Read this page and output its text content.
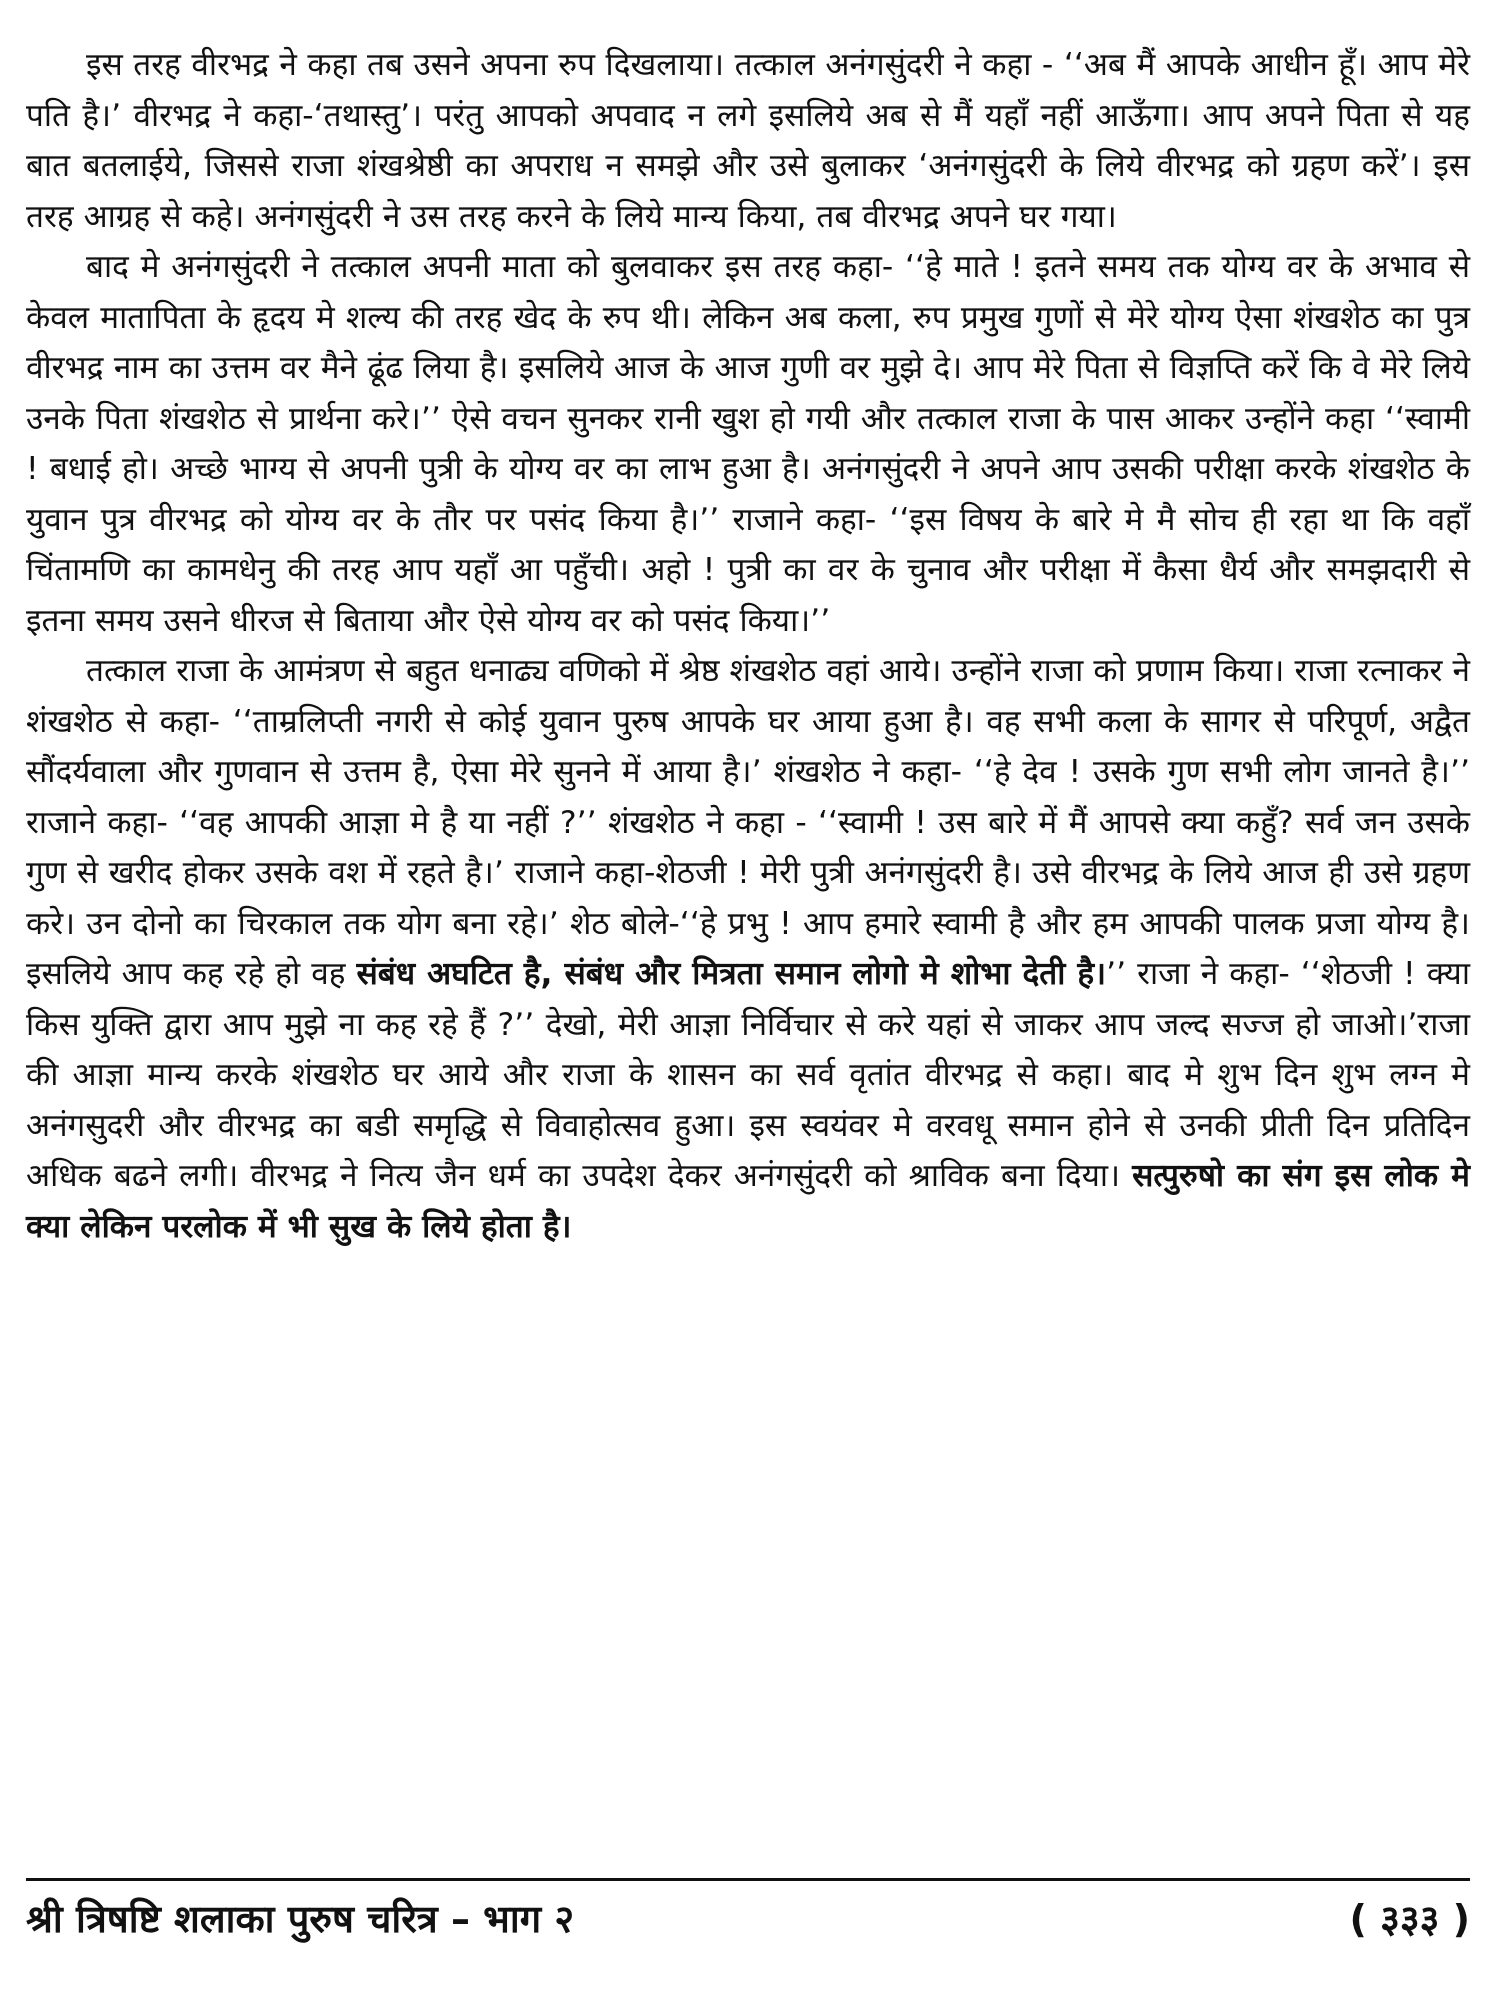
इस तरह वीरभद्र ने कहा तब उसने अपना रुप दिखलाया। तत्काल अनंगसुंदरी ने कहा - ‘‘अब मैं आपके आधीन हूँ। आप मेरे पति है।’ वीरभद्र ने कहा-‘तथास्तु’। परंतु आपको अपवाद न लगे इसलिये अब से मैं यहाँ नहीं आऊँगा। आप अपने पिता से यह बात बतलाईये, जिससे राजा शंखश्रेष्ठी का अपराध न समझे और उसे बुलाकर ‘अनंगसुंदरी के लिये वीरभद्र को ग्रहण करें’। इस तरह आग्रह से कहे। अनंगसुंदरी ने उस तरह करने के लिये मान्य किया, तब वीरभद्र अपने घर गया।

बाद मे अनंगसुंदरी ने तत्काल अपनी माता को बुलवाकर इस तरह कहा- ‘‘हे माते ! इतने समय तक योग्य वर के अभाव से केवल मातापिता के हृदय मे शल्य की तरह खेद के रुप थी। लेकिन अब कला, रुप प्रमुख गुणों से मेरे योग्य ऐसा शंखशेठ का पुत्र वीरभद्र नाम का उत्तम वर मैने ढूंढ लिया है। इसलिये आज के आज गुणी वर मुझे दे। आप मेरे पिता से विज्ञप्ति करें कि वे मेरे लिये उनके पिता शंखशेठ से प्रार्थना करे।’’ ऐसे वचन सुनकर रानी खुश हो गयी और तत्काल राजा के पास आकर उन्होंने कहा ‘‘स्वामी ! बधाई हो। अच्छे भाग्य से अपनी पुत्री के योग्य वर का लाभ हुआ है। अनंगसुंदरी ने अपने आप उसकी परीक्षा करके शंखशेठ के युवान पुत्र वीरभद्र को योग्य वर के तौर पर पसंद किया है।’’ राजाने कहा- ‘‘इस विषय के बारे मे मै सोच ही रहा था कि वहाँ चिंतामणि का कामधेनु की तरह आप यहाँ आ पहुँची। अहो ! पुत्री का वर के चुनाव और परीक्षा में कैसा धैर्य और समझदारी से इतना समय उसने धीरज से बिताया और ऐसे योग्य वर को पसंद किया।’’

तत्काल राजा के आमंत्रण से बहुत धनाढ्य वणिको में श्रेष्ठ शंखशेठ वहां आये। उन्होंने राजा को प्रणाम किया। राजा रत्नाकर ने शंखशेठ से कहा- ‘‘ताम्रलिप्ती नगरी से कोई युवान पुरुष आपके घर आया हुआ है। वह सभी कला के सागर से परिपूर्ण, अद्वैत सौंदर्यवाला और गुणवान से उत्तम है, ऐसा मेरे सुनने में आया है।’ शंखशेठ ने कहा- ‘‘हे देव ! उसके गुण सभी लोग जानते है।’’ राजाने कहा- ‘‘वह आपकी आज्ञा मे है या नहीं ?’’ शंखशेठ ने कहा - ‘‘स्वामी ! उस बारे में मैं आपसे क्या कहुँ? सर्व जन उसके गुण से खरीद होकर उसके वश में रहते है।’ राजाने कहा-शेठजी ! मेरी पुत्री अनंगसुंदरी है। उसे वीरभद्र के लिये आज ही उसे ग्रहण करे। उन दोनो का चिरकाल तक योग बना रहे।’ शेठ बोले-‘‘हे प्रभु ! आप हमारे स्वामी है और हम आपकी पालक प्रजा योग्य है। इसलिये आप कह रहे हो वह संबंध अघटित है, संबंध और मित्रता समान लोगो मे शोभा देती है।’’ राजा ने कहा- ‘‘शेठजी ! क्या किस युक्ति द्वारा आप मुझे ना कह रहे हैं ?’’ देखो, मेरी आज्ञा निर्विचार से करे यहां से जाकर आप जल्द सज्ज हो जाओ।’राजा की आज्ञा मान्य करके शंखशेठ घर आये और राजा के शासन का सर्व वृतांत वीरभद्र से कहा। बाद मे शुभ दिन शुभ लग्न मे अनंगसुदरी और वीरभद्र का बडी समृद्धि से विवाहोत्सव हुआ। इस स्वयंवर मे वरवधू समान होने से उनकी प्रीती दिन प्रतिदिन अधिक बढने लगी। वीरभद्र ने नित्य जैन धर्म का उपदेश देकर अनंगसुंदरी को श्राविक बना दिया। सत्पुरुषो का संग इस लोक मे क्या लेकिन परलोक में भी सुख के लिये होता है।

श्री त्रिषष्टि शलाका पुरुष चरित्र – भाग २	( ३३३ )
